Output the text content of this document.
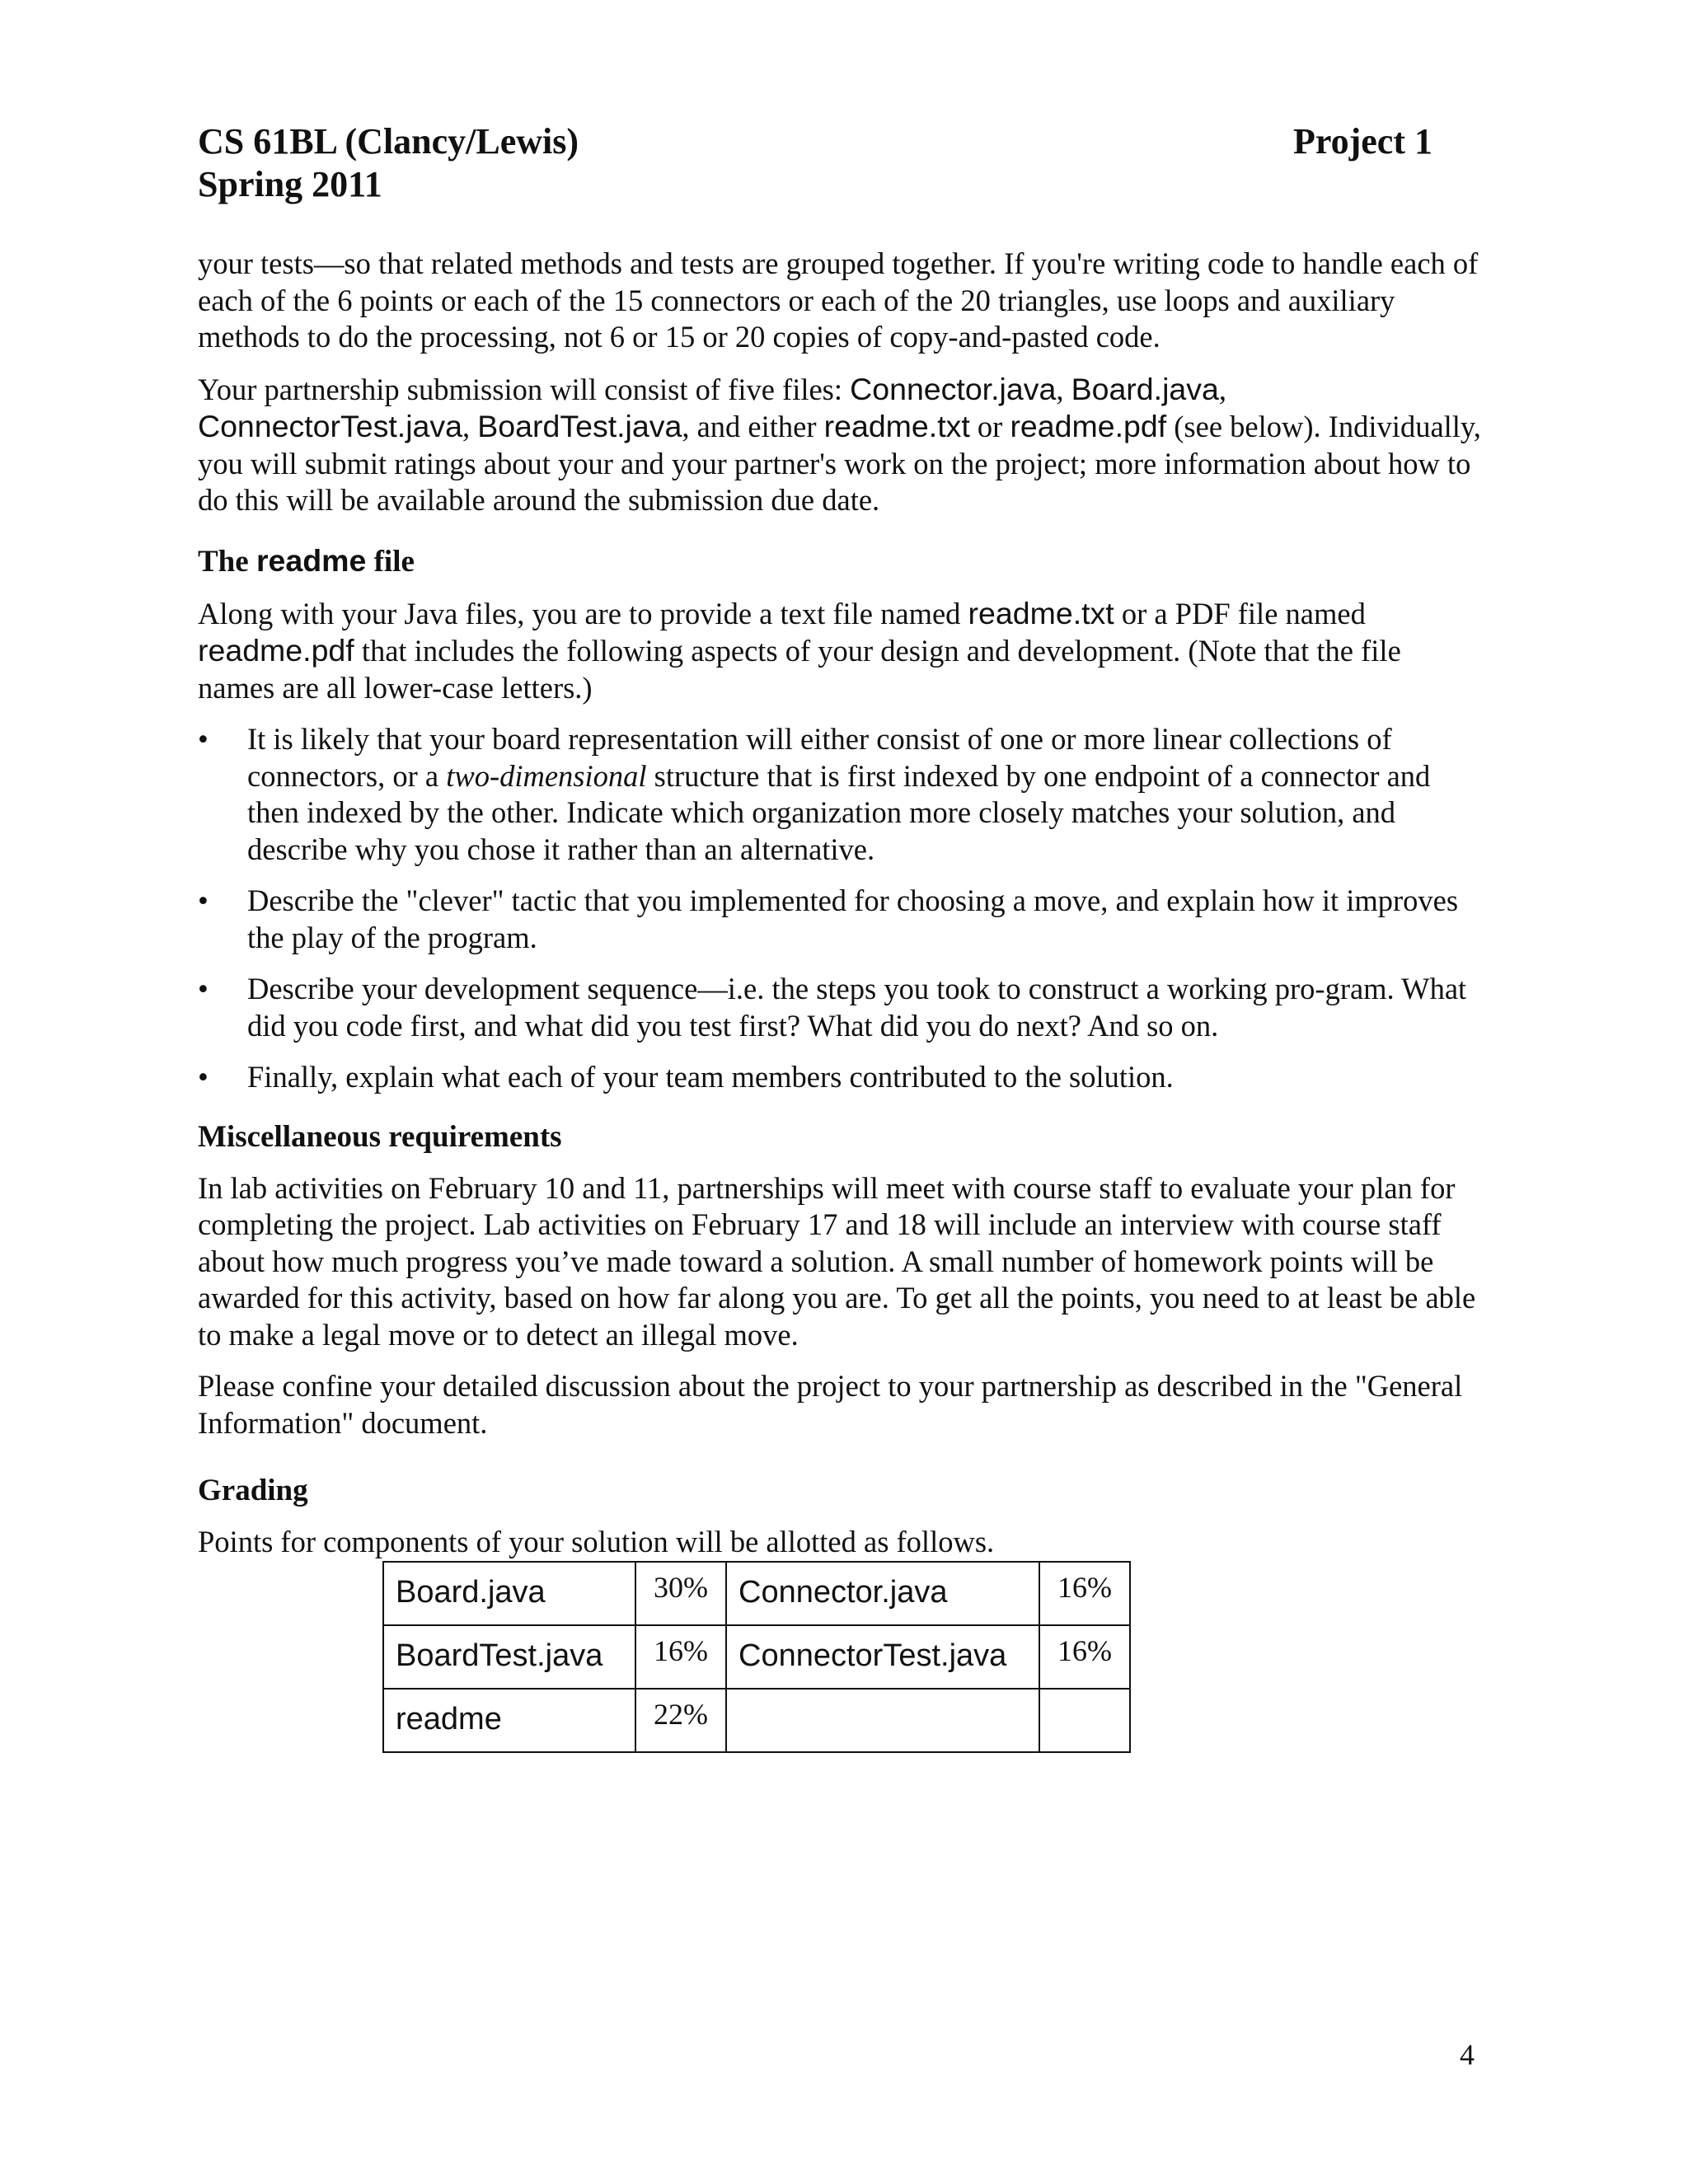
CS 61BL (Clancy/Lewis)
Spring 2011
Project 1

your tests—so that related methods and tests are grouped together. If you're writing code to handle each of each of the 6 points or each of the 15 connectors or each of the 20 triangles, use loops and auxiliary methods to do the processing, not 6 or 15 or 20 copies of copy-and-pasted code.

Your partnership submission will consist of five files: Connector.java, Board.java, ConnectorTest.java, BoardTest.java, and either readme.txt or readme.pdf (see below). Individually, you will submit ratings about your and your partner's work on the project; more information about how to do this will be available around the submission due date.

The readme file

Along with your Java files, you are to provide a text file named readme.txt or a PDF file named readme.pdf that includes the following aspects of your design and development. (Note that the file names are all lower-case letters.)

• It is likely that your board representation will either consist of one or more linear collections of connectors, or a two-dimensional structure that is first indexed by one endpoint of a connector and then indexed by the other. Indicate which organization more closely matches your solution, and describe why you chose it rather than an alternative.
• Describe the "clever" tactic that you implemented for choosing a move, and explain how it improves the play of the program.
• Describe your development sequence—i.e. the steps you took to construct a working pro-gram. What did you code first, and what did you test first? What did you do next? And so on.
• Finally, explain what each of your team members contributed to the solution.
Miscellaneous requirements

In lab activities on February 10 and 11, partnerships will meet with course staff to evaluate your plan for completing the project. Lab activities on February 17 and 18 will include an interview with course staff about how much progress you’ve made toward a solution. A small number of homework points will be awarded for this activity, based on how far along you are. To get all the points, you need to at least be able to make a legal move or to detect an illegal move.

Please confine your detailed discussion about the project to your partnership as described in the "General Information" document.

Grading

Points for components of your solution will be allotted as follows.

Board.java	30%	Connector.java	16%
BoardTest.java	16%	ConnectorTest.java	16%
readme	22%		
4
